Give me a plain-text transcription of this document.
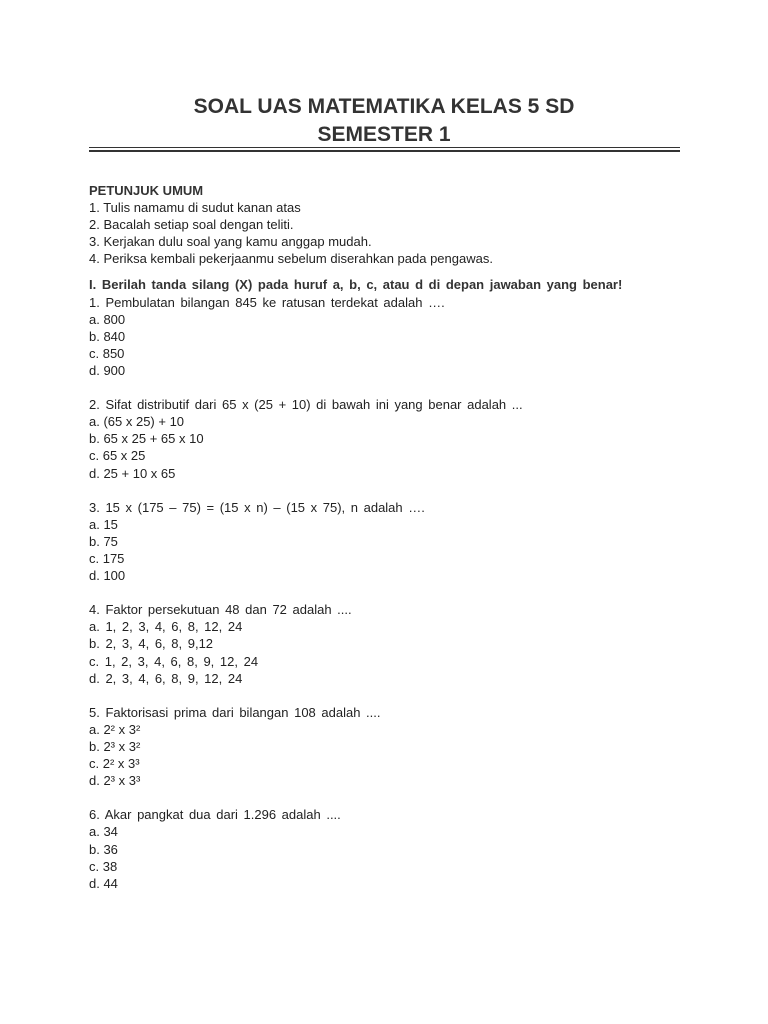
SOAL UAS MATEMATIKA KELAS 5 SD
SEMESTER 1
PETUNJUK UMUM
1. Tulis namamu di sudut kanan atas
2. Bacalah setiap soal dengan teliti.
3. Kerjakan dulu soal yang kamu anggap mudah.
4. Periksa kembali pekerjaanmu sebelum diserahkan pada pengawas.
I. Berilah tanda silang (X) pada huruf a, b, c, atau d di depan jawaban yang benar!
1. Pembulatan bilangan 845 ke ratusan terdekat adalah ….
a. 800
b. 840
c. 850
d. 900
2. Sifat distributif dari 65 x (25 + 10) di bawah ini yang benar adalah ...
a. (65 x 25) + 10
b. 65 x 25 + 65 x 10
c. 65 x 25
d. 25 + 10 x 65
3. 15 x (175 – 75) = (15 x n) – (15 x 75), n adalah ….
a. 15
b. 75
c. 175
d. 100
4. Faktor persekutuan 48 dan 72 adalah ....
a. 1, 2, 3, 4, 6, 8, 12, 24
b. 2, 3, 4, 6, 8, 9,12
c. 1, 2, 3, 4, 6, 8, 9, 12, 24
d. 2, 3, 4, 6, 8, 9, 12, 24
5. Faktorisasi prima dari bilangan 108 adalah ....
a. 2² x 3²
b. 2³ x 3²
c. 2² x 3³
d. 2³ x 3³
6. Akar pangkat dua dari 1.296 adalah ....
a. 34
b. 36
c. 38
d. 44
